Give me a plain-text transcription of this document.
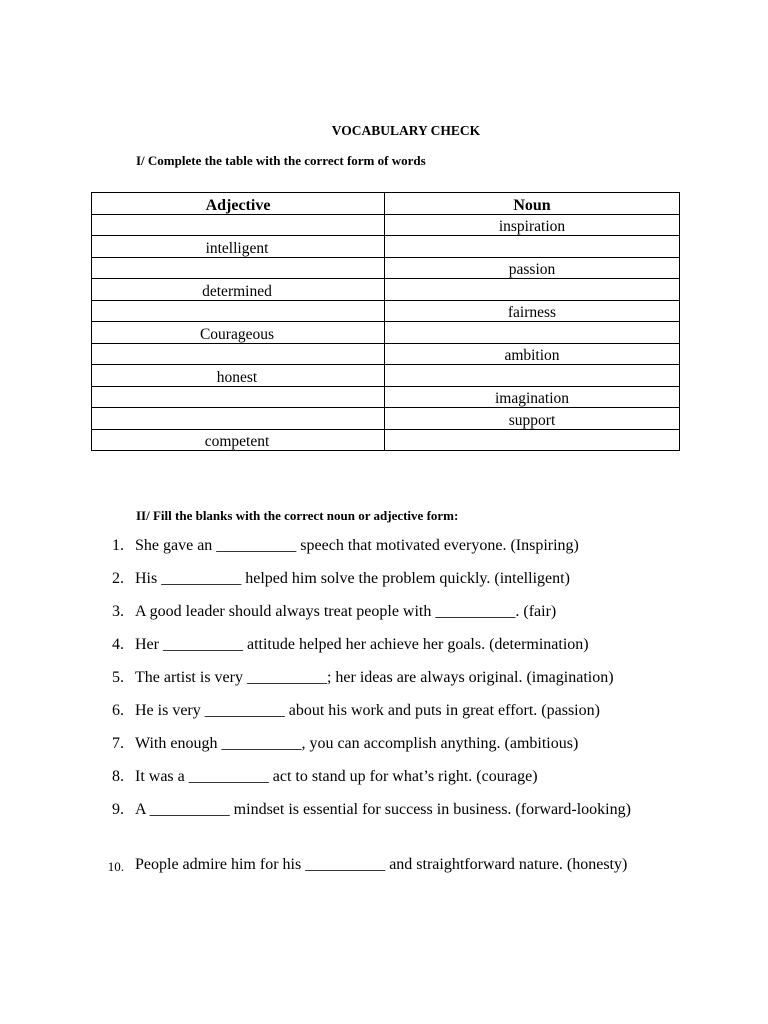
VOCABULARY CHECK
I/ Complete the table with the correct form of words
Adjective	Noun
	inspiration
intelligent	
	passion
determined	
	fairness
Courageous	
	ambition
honest	
	imagination
	support
competent	
II/ Fill the blanks with the correct noun or adjective form:
1. She gave an __________ speech that motivated everyone. (Inspiring)
2. His __________ helped him solve the problem quickly. (intelligent)
3. A good leader should always treat people with __________. (fair)
4. Her __________ attitude helped her achieve her goals. (determination)
5. The artist is very __________; her ideas are always original. (imagination)
6. He is very __________ about his work and puts in great effort. (passion)
7. With enough __________, you can accomplish anything. (ambitious)
8. It was a __________ act to stand up for what’s right. (courage)
9. A __________ mindset is essential for success in business. (forward-looking)
10. People admire him for his __________ and straightforward nature. (honesty)
